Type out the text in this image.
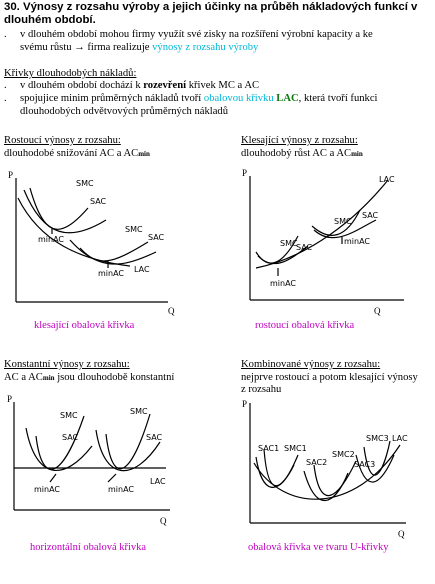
30. Výnosy z rozsahu výroby a jejich účinky na průběh nákladových funkcí v
dlouhém období.
.	v dlouhém období mohou firmy využít své zisky na rozšíření výrobní kapacity a ke
svému růstu → firma realizuje výnosy z rozsahu výroby
Křivky dlouhodobých nákladů:
.	v dlouhém období dochází k rozevření křivek MC a AC
.	spojujice minim průměrných nákladů tvoří obalovou křivku LAC, která tvoří funkci
dlouhodobých odvětvových průměrných nákladů
Rostoucí výnosy z rozsahu:
dlouhodobé snižování AC a ACmin
Klesající výnosy z rozsahu:
dlouhodobý růst AC a ACmin
Konstantní výnosy z rozsahu:
AC a ACmin jsou dlouhodobě konstantní
Kombinované výnosy z rozsahu:
nejprve rostoucí a potom klesající výnosy
z rozsahu
P
SMC
SAC
SMC
SAC
minAC
minAC LAC
Q
P
LAC
SMC
SAC
SMC
SAC
minAC
minAC
Q
klesající obalová křivka	rostoucí obalová křivka
P
SMC
SAC
SMC
SAC
minAC	minAC
LAC
Q
P
SAC1 SMC1
SMC2
SAC2
SMC3
SAC3
LAC
Q
horizontální obalová křivka	obalová křivka ve tvaru U-křivky
